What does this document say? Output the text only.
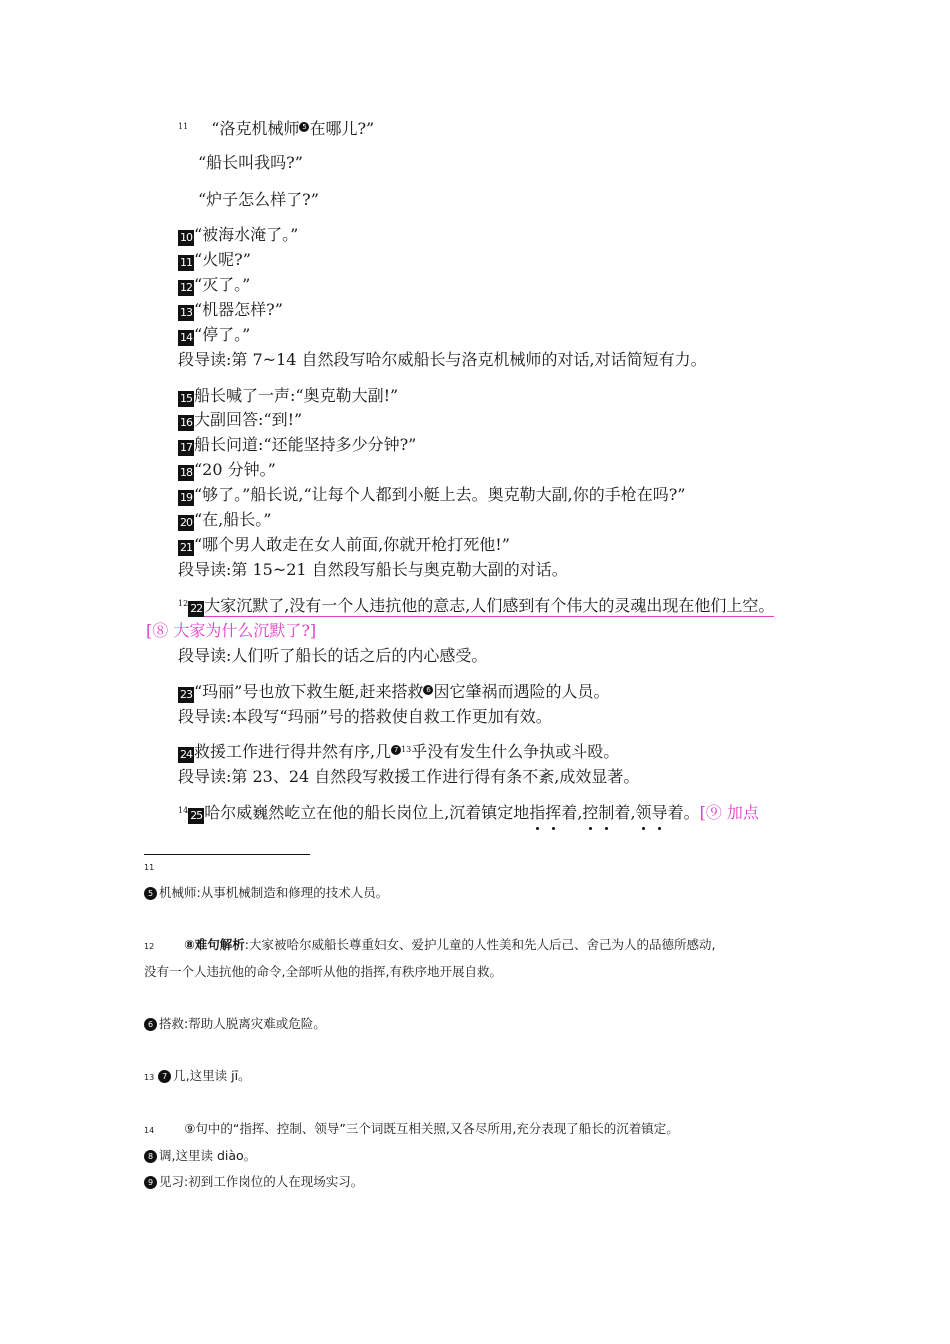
$^{11}$ “洛克机械师 5 在哪儿?”
“船长叫我吗?”
“炉子怎么样了?”
10 “被海水淹了。”
11 “火呢?”
12 “灭了。”
13 “机器怎样?”
14 “停了。”
段导读:第 7~14 自然段写哈尔威船长与洛克机械师的对话,对话简短有力。
15 船长喊了一声:“奥克勒大副!”
16 大副回答:“到!”
17 船长问道:“还能坚持多少分钟?”
18 “20 分钟。”
19 “够了。”船长说,“让每个人都到小艇上去。奥克勒大副,你的手枪在吗?”
20 “在,船长。”
21 “哪个男人敢走在女人前面,你就开枪打死他!”
段导读:第 15~21 自然段写船长与奥克勒大副的对话。
$^{12}$ 22 大家沉默了,没有一个人违抗他的意志,人们感到有个伟大的灵魂出现在他们上空。
[⑧ 大家为什么沉默了?]
段导读:人们听了船长的话之后的内心感受。
23 “玛丽”号也放下救生艇,赶来搭救 6 因它肇祸而遇险的人员。
段导读:本段写“玛丽”号的搭救使自救工作更加有效。
24 救援工作进行得井然有序,几 7 $^{13}$乎没有发生什么争执或斗殴。
段导读:第 23、24 自然段写救援工作进行得有条不紊,成效显著。
$^{14}$ 25 哈尔威巍然屹立在他的船长岗位上,沉着镇定地指挥着,控制着,领导着。[⑨ 加点
11
5 机械师:从事机械制造和修理的技术人员。
12 ⑧难句解析:大家被哈尔威船长尊重妇女、爱护儿童的人性美和先人后己、舍己为人的品德所感动,
没有一个人违抗他的命令,全部听从他的指挥,有秩序地开展自救。
6 搭救:帮助人脱离灾难或危险。
13 7 几,这里读 jī。
14 ⑨句中的“指挥、控制、领导”三个词既互相关照,又各尽所用,充分表现了船长的沉着镇定。
8 调,这里读 diào。
9 见习:初到工作岗位的人在现场实习。
